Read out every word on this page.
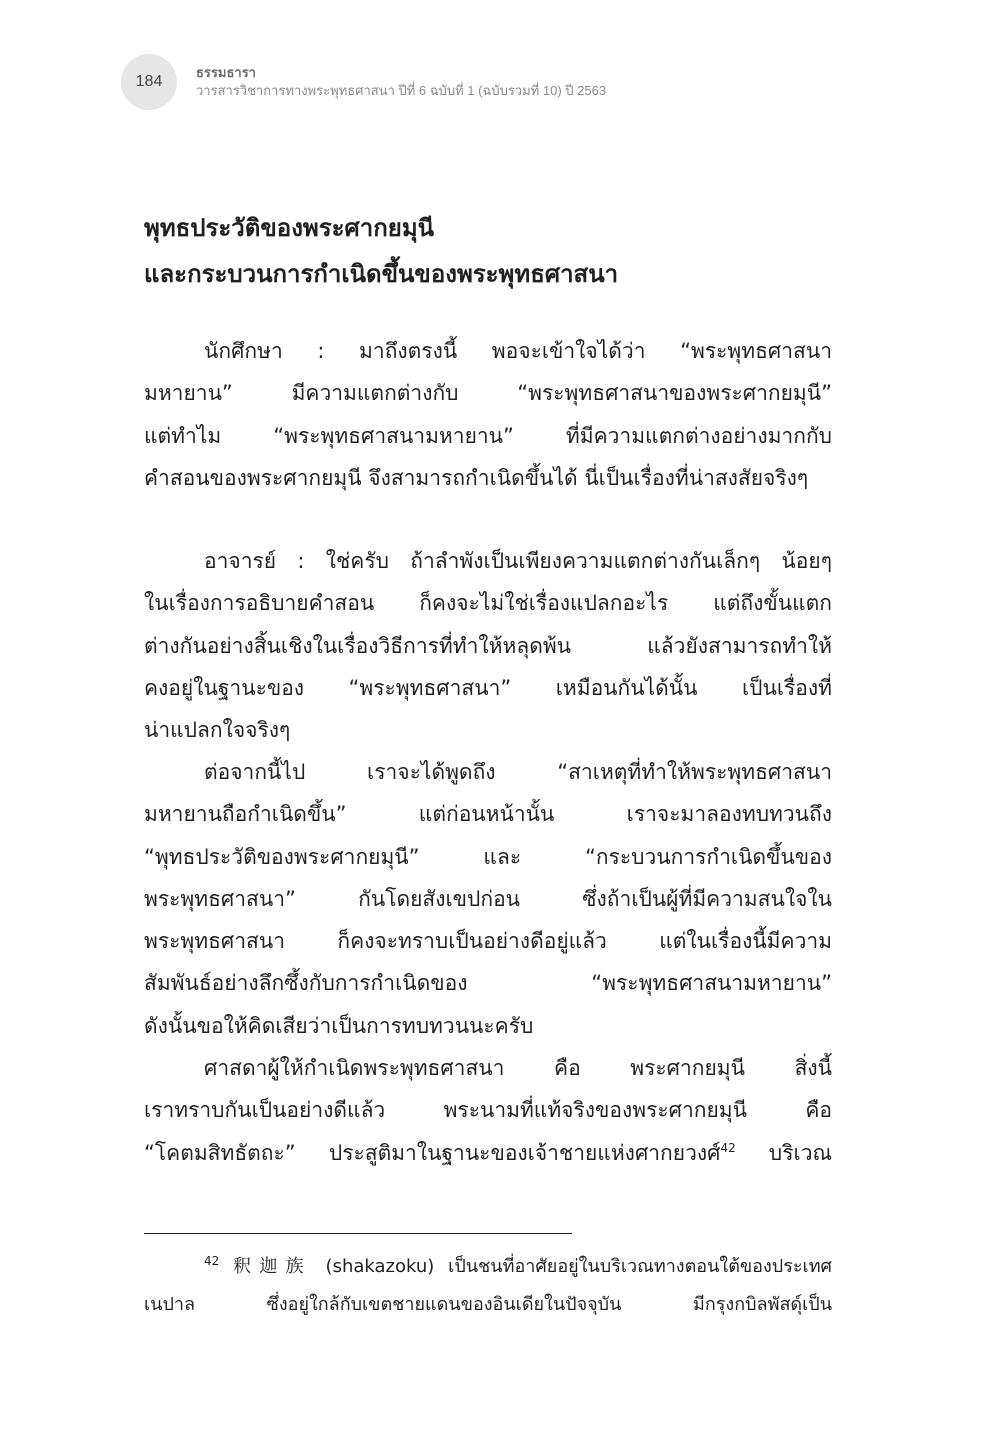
184
ธรรมธารา
วารสารวิชาการทางพระพุทธศาสนา ปีที่ 6 ฉบับที่ 1 (ฉบับรวมที่ 10) ปี 2563
พุทธประวัติของพระศากยมุนี
และกระบวนการกำเนิดขึ้นของพระพุทธศาสนา
นักศึกษา : มาถึงตรงนี้ พอจะเข้าใจได้ว่า “พระพุทธศาสนา
มหายาน” มีความแตกต่างกับ “พระพุทธศาสนาของพระศากยมุนี”
แต่ทำไม “พระพุทธศาสนามหายาน” ที่มีความแตกต่างอย่างมากกับ
คำสอนของพระศากยมุนี จึงสามารถกำเนิดขึ้นได้ นี่เป็นเรื่องที่น่าสงสัยจริงๆ
อาจารย์ : ใช่ครับ ถ้าลำพังเป็นเพียงความแตกต่างกันเล็กๆ น้อยๆ
ในเรื่องการอธิบายคำสอน ก็คงจะไม่ใช่เรื่องแปลกอะไร แต่ถึงขั้นแตก
ต่างกันอย่างสิ้นเชิงในเรื่องวิธีการที่ทำให้หลุดพ้น แล้วยังสามารถทำให้
คงอยู่ในฐานะของ “พระพุทธศาสนา” เหมือนกันได้นั้น เป็นเรื่องที่
น่าแปลกใจจริงๆ
ต่อจากนี้ไป เราจะได้พูดถึง “สาเหตุที่ทำให้พระพุทธศาสนา
มหายานถือกำเนิดขึ้น” แต่ก่อนหน้านั้น เราจะมาลองทบทวนถึง
“พุทธประวัติของพระศากยมุนี” และ “กระบวนการกำเนิดขึ้นของ
พระพุทธศาสนา” กันโดยสังเขปก่อน ซึ่งถ้าเป็นผู้ที่มีความสนใจใน
พระพุทธศาสนา ก็คงจะทราบเป็นอย่างดีอยู่แล้ว แต่ในเรื่องนี้มีความ
สัมพันธ์อย่างลึกซึ้งกับการกำเนิดของ “พระพุทธศาสนามหายาน”
ดังนั้นขอให้คิดเสียว่าเป็นการทบทวนนะครับ
ศาสดาผู้ให้กำเนิดพระพุทธศาสนา คือ พระศากยมุนี สิ่งนี้
เราทราบกันเป็นอย่างดีแล้ว พระนามที่แท้จริงของพระศากยมุนี คือ
“โคตมสิทธัตถะ” ประสูติมาในฐานะของเจ้าชายแห่งศากยวงศ์$^{42}$ บริเวณ
$^{42}$ 釈迦族 (shakazoku) เป็นชนที่อาศัยอยู่ในบริเวณทางตอนใต้ของประเทศ
เนปาล ซึ่งอยู่ใกล้กับเขตชายแดนของอินเดียในปัจจุบัน มีกรุงกบิลพัสดุ์เป็น
